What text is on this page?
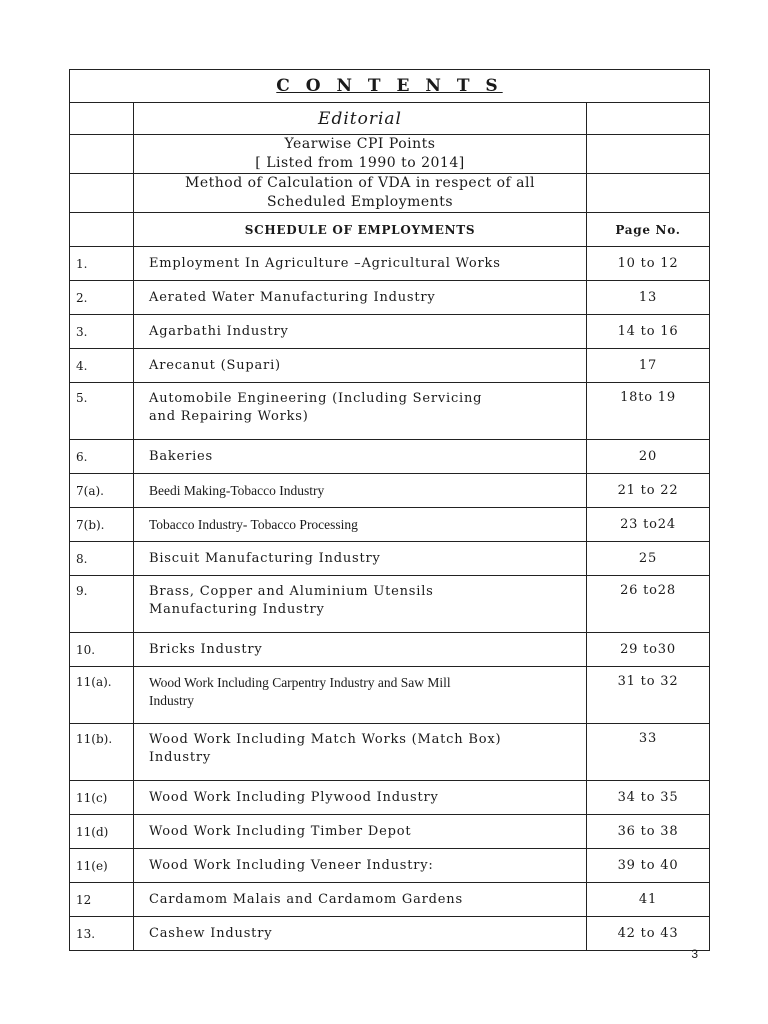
C O N T E N T S		

	Editorial	

	Yearwise CPI Points
[ Listed from 1990 to 2014]	

	Method of Calculation of VDA in respect of all
Scheduled Employments	

	SCHEDULE OF EMPLOYMENTS	Page No.

1.	Employment In Agriculture –Agricultural Works	10 to 12
2.	Aerated Water Manufacturing Industry	13
3.	Agarbathi Industry	14 to 16
4.	Arecanut (Supari)	17
5.	Automobile Engineering (Including Servicing
and Repairing Works)	18to 19
6.	Bakeries	20
7(a).	Beedi Making-Tobacco Industry	21 to 22
7(b).	Tobacco Industry- Tobacco Processing	23 to24
8.	Biscuit Manufacturing Industry	25
9.	Brass, Copper and Aluminium Utensils
Manufacturing Industry	26 to28
10.	Bricks Industry	29 to30
11(a).	Wood Work Including Carpentry Industry and Saw Mill
Industry	31 to 32
11(b).	Wood Work Including Match Works (Match Box)
Industry	33
11(c)	Wood Work Including Plywood Industry	34 to 35
11(d)	Wood Work Including Timber Depot	36 to 38
11(e)	Wood Work Including Veneer Industry:	39 to 40
12	Cardamom Malais and Cardamom Gardens	41
13.	Cashew Industry	42 to 43
3
